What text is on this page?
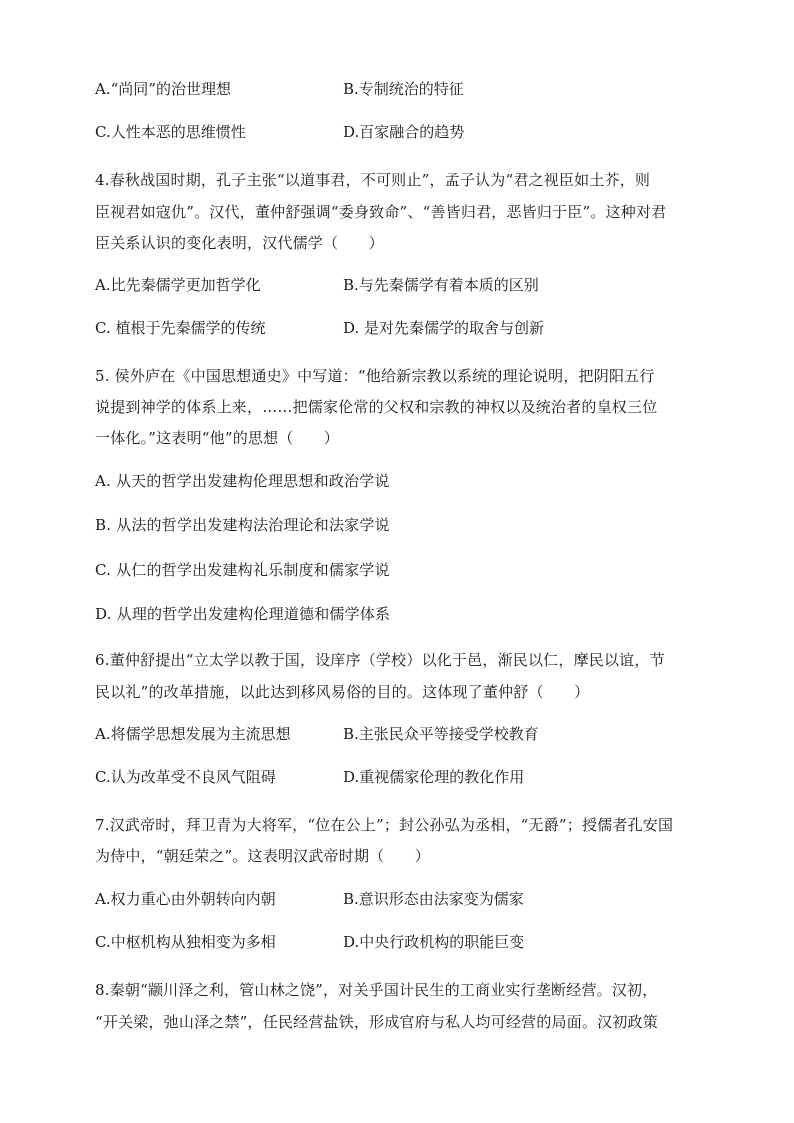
A.“尚同”的治世理想	B.专制统治的特征
C.人性本恶的思维惯性	D.百家融合的趋势
4.春秋战国时期，孔子主张“以道事君，不可则止”，孟子认为“君之视臣如土芥，则
臣视君如寇仇”。汉代，董仲舒强调“委身致命”、“善皆归君，恶皆归于臣”。这种对君
臣关系认识的变化表明，汉代儒学（　　）
A.比先秦儒学更加哲学化	B.与先秦儒学有着本质的区别
C. 植根于先秦儒学的传统	D. 是对先秦儒学的取舍与创新
5. 侯外庐在《中国思想通史》中写道：“他给新宗教以系统的理论说明，把阴阳五行
说提到神学的体系上来，……把儒家伦常的父权和宗教的神权以及统治者的皇权三位
一体化。”这表明“他”的思想（　　）
A. 从天的哲学出发建构伦理思想和政治学说
B. 从法的哲学出发建构法治理论和法家学说
C. 从仁的哲学出发建构礼乐制度和儒家学说
D. 从理的哲学出发建构伦理道德和儒学体系
6.董仲舒提出“立太学以教于国，设庠序（学校）以化于邑，渐民以仁，摩民以谊，节
民以礼”的改革措施，以此达到移风易俗的目的。这体现了董仲舒（　　）
A.将儒学思想发展为主流思想	B.主张民众平等接受学校教育
C.认为改革受不良风气阻碍	D.重视儒家伦理的教化作用
7.汉武帝时，拜卫青为大将军，“位在公上”；封公孙弘为丞相，“无爵”；授儒者孔安国
为侍中，“朝廷荣之”。这表明汉武帝时期（　　）
A.权力重心由外朝转向内朝	B.意识形态由法家变为儒家
C.中枢机构从独相变为多相	D.中央行政机构的职能巨变
8.秦朝“颛川泽之利，管山林之饶”，对关乎国计民生的工商业实行垄断经营。汉初，
“开关梁，弛山泽之禁”，任民经营盐铁，形成官府与私人均可经营的局面。汉初政策
